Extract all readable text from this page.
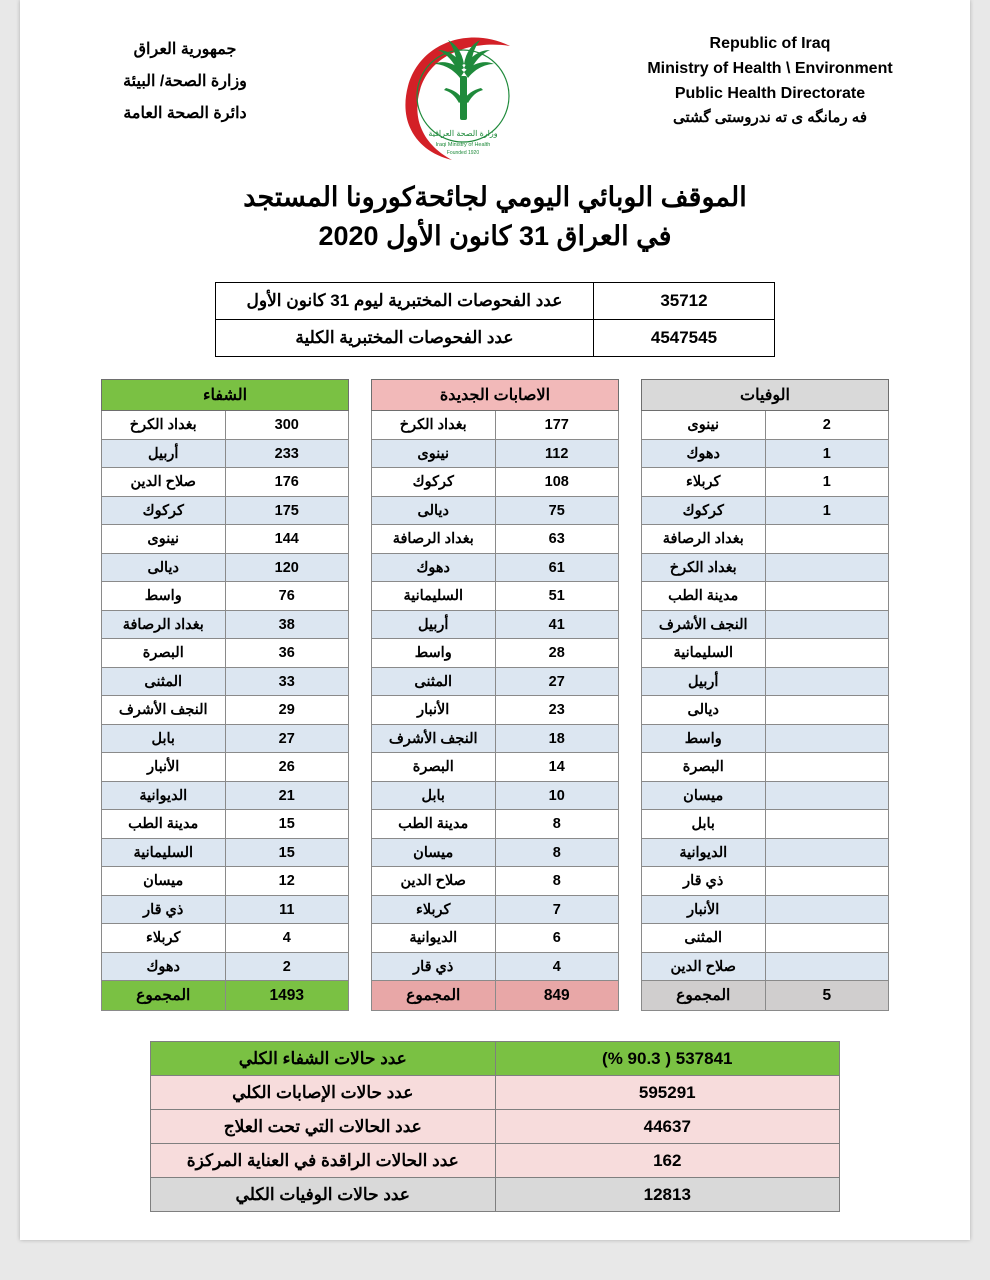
Republic of Iraq
Ministry of Health \ Environment
Public Health Directorate
فه رمانگه ی ته ندروستی گشتی
وزارة الصحة العراقية
Iraqi Ministry of Health
Founded 1920
جمهورية العراق
وزارة الصحة/ البيئة
دائرة الصحة العامة
الموقف الوبائي اليومي لجائحةكورونا المستجد
في العراق 31 كانون الأول 2020
35712	عدد الفحوصات المختبرية ليوم 31 كانون الأول
4547545	عدد الفحوصات المختبرية الكلية
الوفيات	
2	نينوى
1	دهوك
1	كربلاء
1	كركوك
	بغداد الرصافة
	بغداد الكرخ
	مدينة الطب
	النجف الأشرف
	السليمانية
	أربيل
	ديالى
	واسط
	البصرة
	ميسان
	بابل
	الديوانية
	ذي قار
	الأنبار
	المثنى
	صلاح الدين
5	المجموع
الاصابات الجديدة	
177	بغداد الكرخ
112	نينوى
108	كركوك
75	ديالى
63	بغداد الرصافة
61	دهوك
51	السليمانية
41	أربيل
28	واسط
27	المثنى
23	الأنبار
18	النجف الأشرف
14	البصرة
10	بابل
8	مدينة الطب
8	ميسان
8	صلاح الدين
7	كربلاء
6	الديوانية
4	ذي قار
849	المجموع
الشفاء	
300	بغداد الكرخ
233	أربيل
176	صلاح الدين
175	كركوك
144	نينوى
120	ديالى
76	واسط
38	بغداد الرصافة
36	البصرة
33	المثنى
29	النجف الأشرف
27	بابل
26	الأنبار
21	الديوانية
15	مدينة الطب
15	السليمانية
12	ميسان
11	ذي قار
4	كربلاء
2	دهوك
1493	المجموع
537841 ( 90.3 %)	عدد حالات الشفاء الكلي
595291	عدد حالات الإصابات الكلي
44637	عدد الحالات التي تحت العلاج
162	عدد الحالات الراقدة في العناية المركزة
12813	عدد حالات الوفيات الكلي
